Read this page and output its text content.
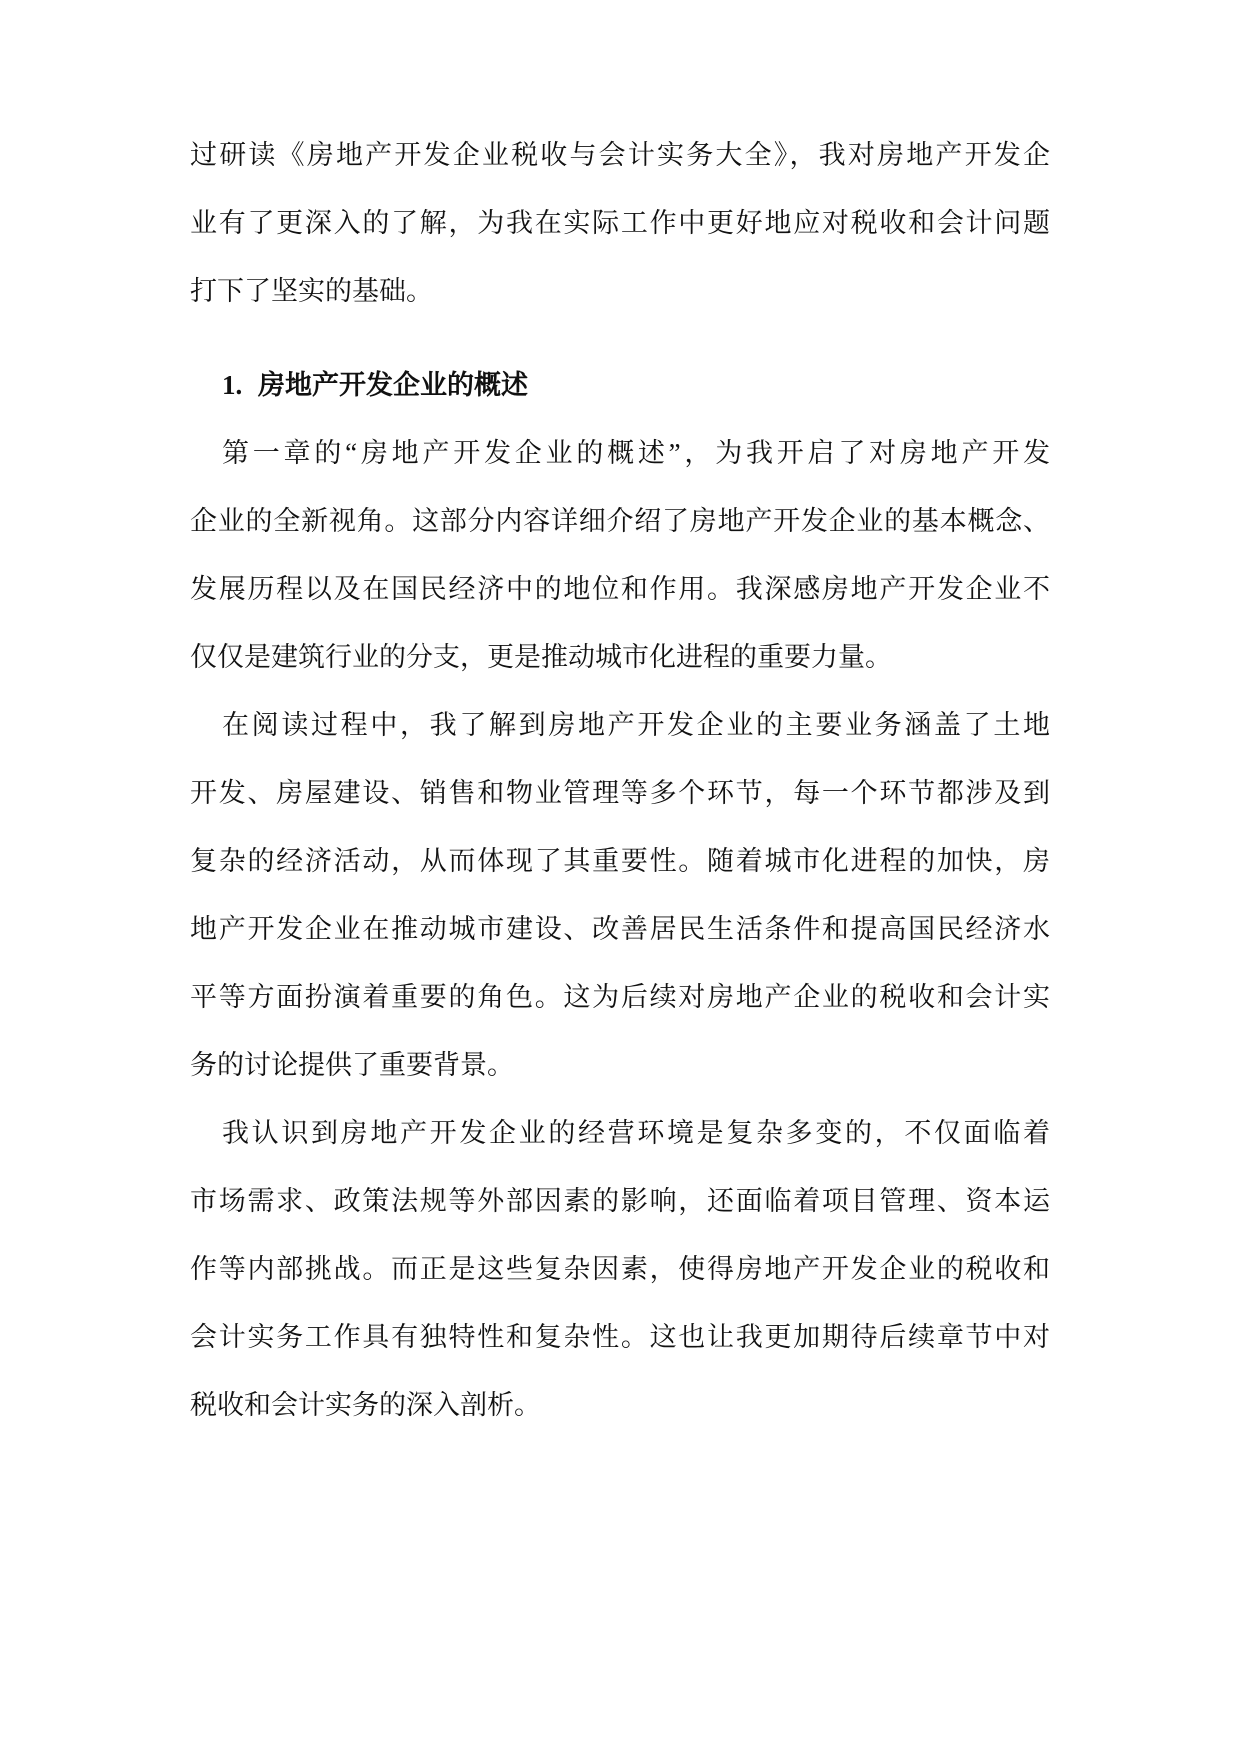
过研读《房地产开发企业税收与会计实务大全》，我对房地产开发企
业有了更深入的了解，为我在实际工作中更好地应对税收和会计问题
打下了坚实的基础。
1. 房地产开发企业的概述
第一章的“房地产开发企业的概述”，为我开启了对房地产开发
企业的全新视角。这部分内容详细介绍了房地产开发企业的基本概念、
发展历程以及在国民经济中的地位和作用。我深感房地产开发企业不
仅仅是建筑行业的分支，更是推动城市化进程的重要力量。
在阅读过程中，我了解到房地产开发企业的主要业务涵盖了土地
开发、房屋建设、销售和物业管理等多个环节，每一个环节都涉及到
复杂的经济活动，从而体现了其重要性。随着城市化进程的加快，房
地产开发企业在推动城市建设、改善居民生活条件和提高国民经济水
平等方面扮演着重要的角色。这为后续对房地产企业的税收和会计实
务的讨论提供了重要背景。
我认识到房地产开发企业的经营环境是复杂多变的，不仅面临着
市场需求、政策法规等外部因素的影响，还面临着项目管理、资本运
作等内部挑战。而正是这些复杂因素，使得房地产开发企业的税收和
会计实务工作具有独特性和复杂性。这也让我更加期待后续章节中对
税收和会计实务的深入剖析。
